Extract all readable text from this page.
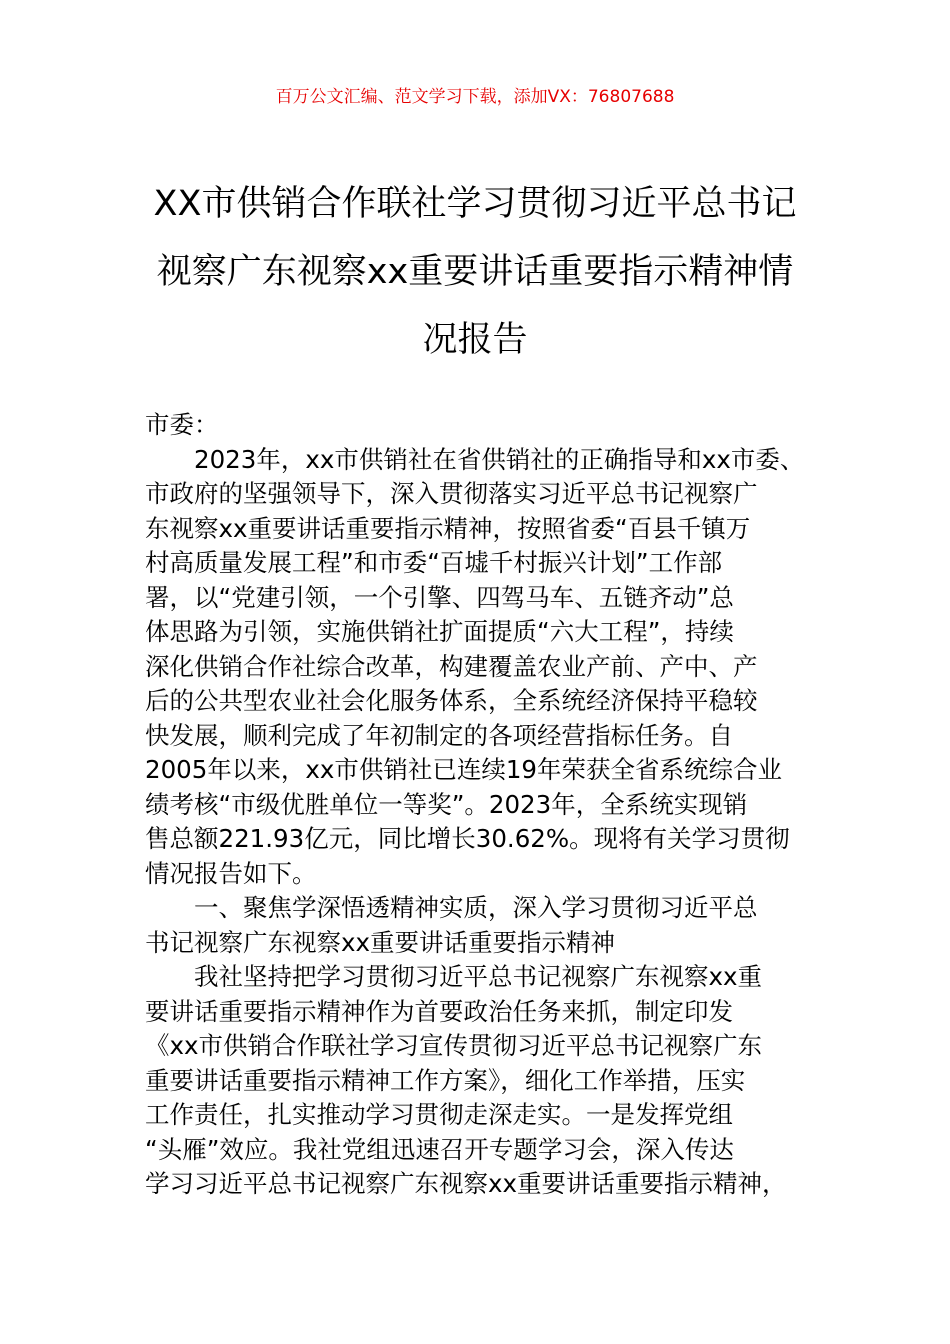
百万公文汇编、范文学习下载，添加VX：76807688
XX市供销合作联社学习贯彻习近平总书记
视察广东视察xx重要讲话重要指示精神情
况报告

市委：

2023年，xx市供销社在省供销社的正确指导和xx市委、
市政府的坚强领导下，深入贯彻落实习近平总书记视察广
东视察xx重要讲话重要指示精神，按照省委“百县千镇万
村高质量发展工程”和市委“百墟千村振兴计划”工作部
署，以“党建引领，一个引擎、四驾马车、五链齐动”总
体思路为引领，实施供销社扩面提质“六大工程”，持续
深化供销合作社综合改革，构建覆盖农业产前、产中、产
后的公共型农业社会化服务体系，全系统经济保持平稳较
快发展，顺利完成了年初制定的各项经营指标任务。自
2005年以来，xx市供销社已连续19年荣获全省系统综合业
绩考核“市级优胜单位一等奖”。2023年，全系统实现销
售总额221.93亿元，同比增长30.62%。现将有关学习贯彻
情况报告如下。

一、聚焦学深悟透精神实质，深入学习贯彻习近平总
书记视察广东视察xx重要讲话重要指示精神

我社坚持把学习贯彻习近平总书记视察广东视察xx重
要讲话重要指示精神作为首要政治任务来抓，制定印发
《xx市供销合作联社学习宣传贯彻习近平总书记视察广东
重要讲话重要指示精神工作方案》，细化工作举措，压实
工作责任，扎实推动学习贯彻走深走实。一是发挥党组
“头雁”效应。我社党组迅速召开专题学习会，深入传达
学习习近平总书记视察广东视察xx重要讲话重要指示精神，
